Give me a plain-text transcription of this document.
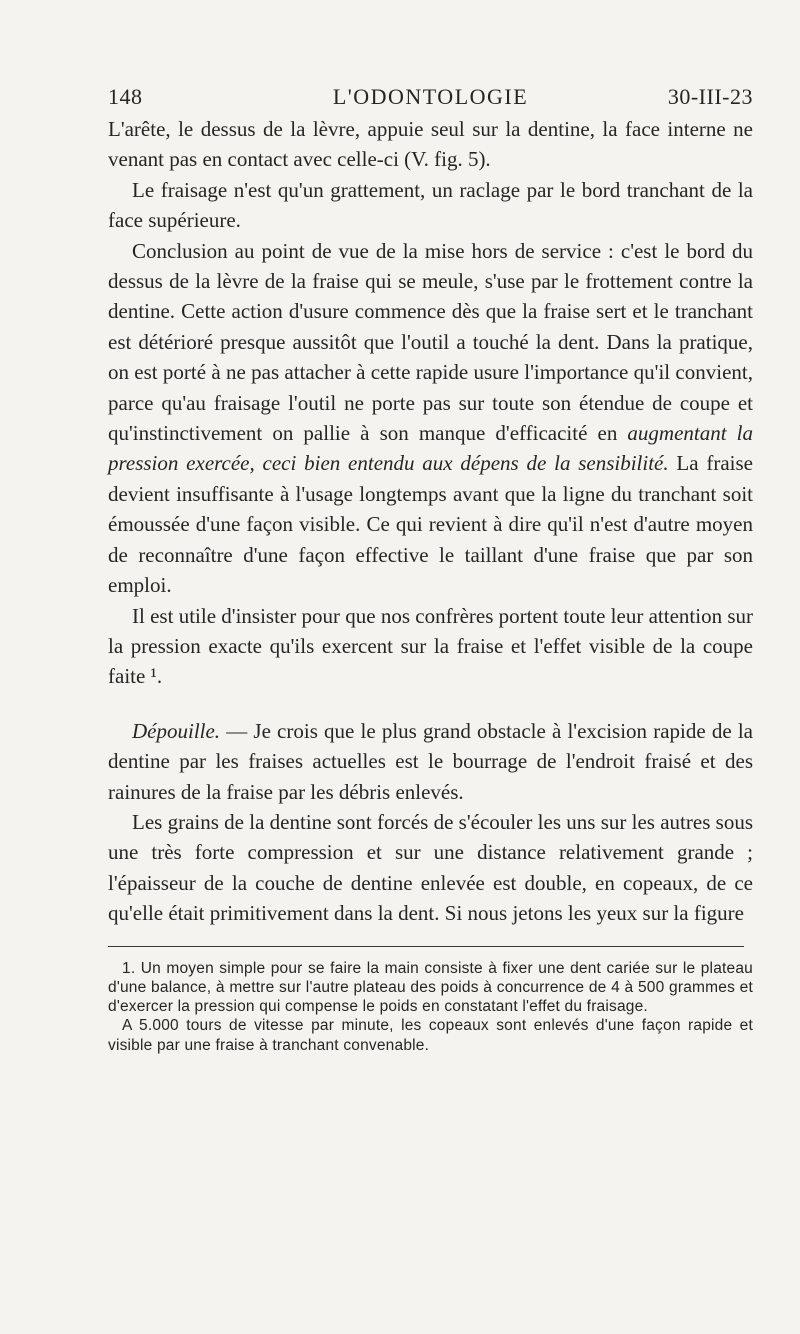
148	L'ODONTOLOGIE	30-III-23

L'arête, le dessus de la lèvre, appuie seul sur la dentine, la face interne ne venant pas en contact avec celle-ci (V. fig. 5).

Le fraisage n'est qu'un grattement, un raclage par le bord tranchant de la face supérieure.

Conclusion au point de vue de la mise hors de service : c'est le bord du dessus de la lèvre de la fraise qui se meule, s'use par le frottement contre la dentine. Cette action d'usure commence dès que la fraise sert et le tranchant est détérioré presque aussitôt que l'outil a touché la dent. Dans la pratique, on est porté à ne pas attacher à cette rapide usure l'importance qu'il convient, parce qu'au fraisage l'outil ne porte pas sur toute son étendue de coupe et qu'instinctivement on pallie à son manque d'efficacité en augmentant la pression exercée, ceci bien entendu aux dépens de la sensibilité. La fraise devient insuffisante à l'usage longtemps avant que la ligne du tranchant soit émoussée d'une façon visible. Ce qui revient à dire qu'il n'est d'autre moyen de reconnaître d'une façon effective le taillant d'une fraise que par son emploi.

Il est utile d'insister pour que nos confrères portent toute leur attention sur la pression exacte qu'ils exercent sur la fraise et l'effet visible de la coupe faite ¹.

Dépouille. — Je crois que le plus grand obstacle à l'excision rapide de la dentine par les fraises actuelles est le bourrage de l'endroit fraisé et des rainures de la fraise par les débris enlevés.

Les grains de la dentine sont forcés de s'écouler les uns sur les autres sous une très forte compression et sur une distance relativement grande ; l'épaisseur de la couche de dentine enlevée est double, en copeaux, de ce qu'elle était primitivement dans la dent. Si nous jetons les yeux sur la figure

1. Un moyen simple pour se faire la main consiste à fixer une dent cariée sur le plateau d'une balance, à mettre sur l'autre plateau des poids à concurrence de 4 à 500 grammes et d'exercer la pression qui compense le poids en constatant l'effet du fraisage.

A 5.000 tours de vitesse par minute, les copeaux sont enlevés d'une façon rapide et visible par une fraise à tranchant convenable.
